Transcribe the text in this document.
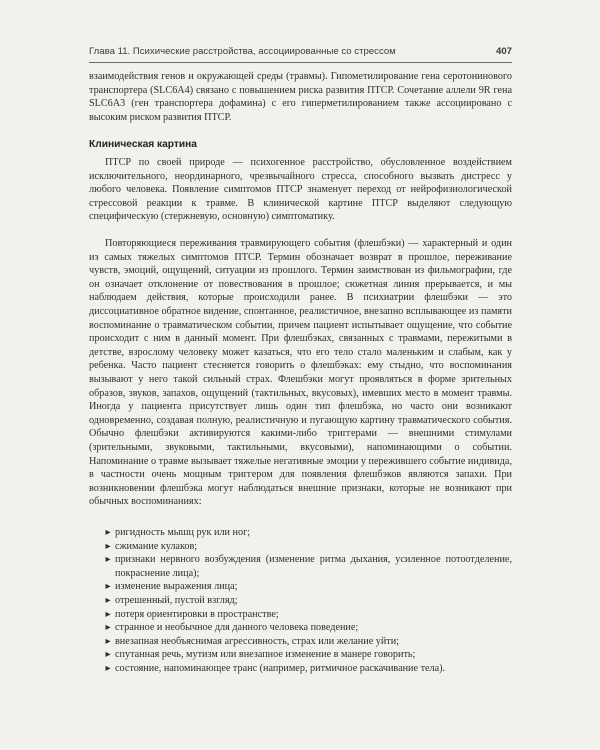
Глава 11. Психические расстройства, ассоциированные со стрессом	407

взаимодействия генов и окружающей среды (травмы). Гипометилирование гена серотонинового транспортера (SLC6A4) связано с повышением риска развития ПТСР. Сочетание аллели 9R гена SLC6A3 (ген транспортера дофамина) с его гиперметилированием также ассоциировано с высоким риском развития ПТСР.

Клиническая картина

ПТСР по своей природе — психогенное расстройство, обусловленное воздействием исключительного, неординарного, чрезвычайного стресса, способного вызвать дистресс у любого человека. Появление симптомов ПТСР знаменует переход от нейрофизиологической стрессовой реакции к травме. В клинической картине ПТСР выделяют следующую специфическую (стержневую, основную) симптоматику.

Повторяющиеся переживания травмирующего события (флешбэки) — характерный и один из самых тяжелых симптомов ПТСР. Термин обозначает возврат в прошлое, переживание чувств, эмоций, ощущений, ситуации из прошлого. Термин заимствован из фильмографии, где он означает отклонение от повествования в прошлое; сюжетная линия прерывается, и мы наблюдаем действия, которые происходили ранее. В психиатрии флешбэки — это диссоциативное обратное видение, спонтанное, реалистичное, внезапно всплывающее из памяти воспоминание о травматическом событии, причем пациент испытывает ощущение, что событие происходит с ним в данный момент. При флешбэках, связанных с травмами, пережитыми в детстве, взрослому человеку может казаться, что его тело стало маленьким и слабым, как у ребенка. Часто пациент стесняется говорить о флешбэках: ему стыдно, что воспоминания вызывают у него такой сильный страх. Флешбэки могут проявляться в форме зрительных образов, звуков, запахов, ощущений (тактильных, вкусовых), имевших место в момент травмы. Иногда у пациента присутствует лишь один тип флешбэка, но часто они возникают одновременно, создавая полную, реалистичную и пугающую картину травматического события. Обычно флешбэки активируются какими-либо триггерами — внешними стимулами (зрительными, звуковыми, тактильными, вкусовыми), напоминающими о событии. Напоминание о травме вызывает тяжелые негативные эмоции у пережившего событие индивида, в частности очень мощным триггером для появления флешбэков являются запахи. При возникновении флешбэка могут наблюдаться внешние признаки, которые не возникают при обычных воспоминаниях:

▸ ригидность мышц рук или ног;
▸ сжимание кулаков;
▸ признаки нервного возбуждения (изменение ритма дыхания, усиленное потоотделение, покраснение лица);
▸ изменение выражения лица;
▸ отрешенный, пустой взгляд;
▸ потеря ориентировки в пространстве;
▸ странное и необычное для данного человека поведение;
▸ внезапная необъяснимая агрессивность, страх или желание уйти;
▸ спутанная речь, мутизм или внезапное изменение в манере говорить;
▸ состояние, напоминающее транс (например, ритмичное раскачивание тела).
